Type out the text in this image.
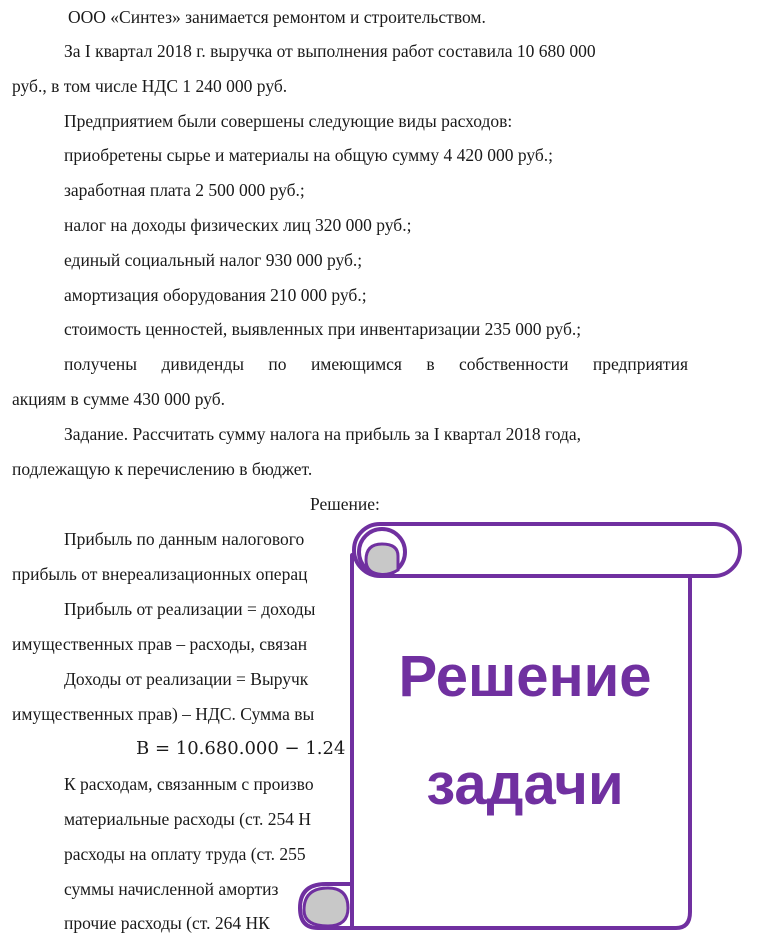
ООО «Синтез» занимается ремонтом и строительством.
За I квартал 2018 г. выручка от выполнения работ составила 10 680 000
руб., в том числе НДС 1 240 000 руб.
Предприятием были совершены следующие виды расходов:
приобретены сырье и материалы на общую сумму 4 420 000 руб.;
заработная плата 2 500 000 руб.;
налог на доходы физических лиц 320 000 руб.;
единый социальный налог 930 000 руб.;
амортизация оборудования 210 000 руб.;
стоимость ценностей, выявленных при инвентаризации 235 000 руб.;
получены дивиденды по имеющимся в собственности предприятия
акциям в сумме 430 000 руб.
Задание. Рассчитать сумму налога на прибыль за I квартал 2018 года,
подлежащую к перечислению в бюджет.
Решение:
Прибыль по данным налогового
прибыль от внереализационных операц
Прибыль от реализации = доходы
имущественных прав – расходы, связан
Доходы от реализации = Выручк
имущественных прав) – НДС. Сумма вы
В = 10.680.000 − 1.24
К расходам, связанным с произво
материальные расходы (ст. 254 Н
расходы на оплату труда (ст. 255
суммы начисленной амортиз
прочие расходы (ст. 264 НК
Решение
задачи
